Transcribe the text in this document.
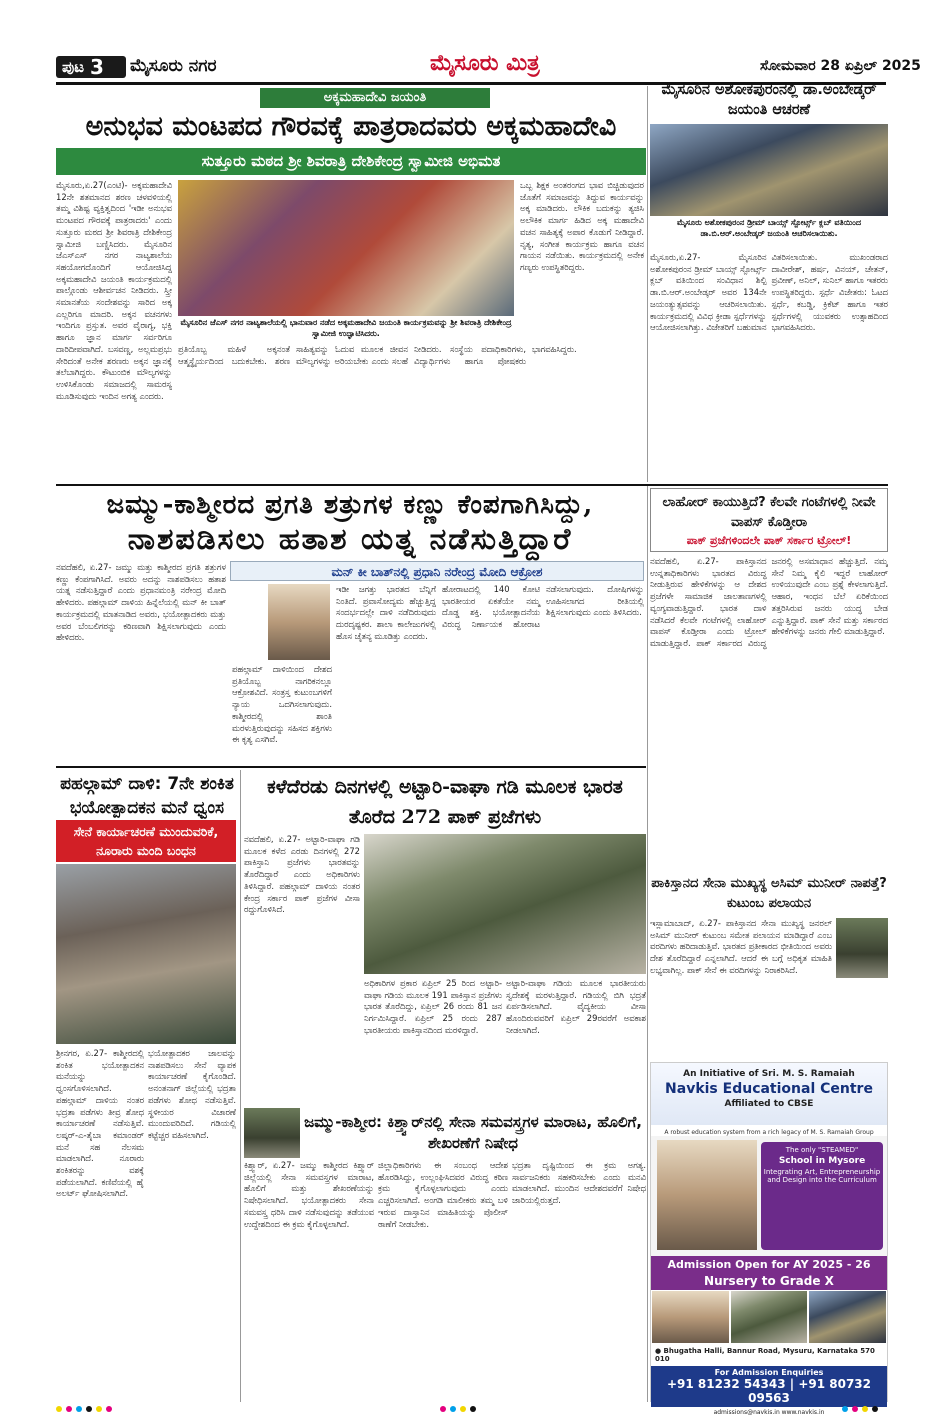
ಪುಟ 3 ಮೈಸೂರು ನಗರ	ಮೈಸೂರು ಮಿತ್ರ	ಸೋಮವಾರ 28 ಏಪ್ರಿಲ್ 2025
ಅಕ್ಕಮಹಾದೇವಿ ಜಯಂತಿ
ಅನುಭವ ಮಂಟಪದ ಗೌರವಕ್ಕೆ ಪಾತ್ರರಾದವರು ಅಕ್ಕಮಹಾದೇವಿ
ಸುತ್ತೂರು ಮಠದ ಶ್ರೀ ಶಿವರಾತ್ರಿ ದೇಶಿಕೇಂದ್ರ ಸ್ವಾಮೀಜಿ ಅಭಿಮತ
ಮೈಸೂರು,ಏ.27(ಎಂಟಿ)- ಅಕ್ಕಮಹಾದೇವಿ 12ನೇ ಶತಮಾನದ ಶರಣ ಚಳವಳಿಯಲ್ಲಿ ತಮ್ಮ ವಿಶಿಷ್ಟ ವ್ಯಕ್ತಿತ್ವದಿಂದ 'ಇಡೀ ಅನುಭವ ಮಂಟಪದ ಗೌರವಕ್ಕೆ ಪಾತ್ರರಾದರು' ಎಂದು ಸುತ್ತೂರು ಮಠದ ಶ್ರೀ ಶಿವರಾತ್ರಿ ದೇಶಿಕೇಂದ್ರ ಸ್ವಾಮೀಜಿ ಬಣ್ಣಿಸಿದರು. ಮೈಸೂರಿನ ಜೆಎಸ್‌ಎಸ್ ನಗರ ನಾಟ್ಯಶಾಲೆಯ ಸಹಯೋಗದೊಂದಿಗೆ ಆಯೋಜಿಸಿದ್ದ ಅಕ್ಕಮಹಾದೇವಿ ಜಯಂತಿ ಕಾರ್ಯಕ್ರಮದಲ್ಲಿ ಪಾಲ್ಗೊಂಡು ಆಶೀರ್ವಚನ ನೀಡಿದರು. ಸ್ತ್ರೀ ಸಮಾನತೆಯ ಸಂದೇಶವನ್ನು ಸಾರಿದ ಅಕ್ಕ ಎಲ್ಲರಿಗೂ ಮಾದರಿ. ಅಕ್ಕನ ವಚನಗಳು ಇಂದಿಗೂ ಪ್ರಸ್ತುತ. ಅವರ ವೈರಾಗ್ಯ, ಭಕ್ತಿ ಹಾಗೂ ಜ್ಞಾನ ಮಾರ್ಗ ಸರ್ವರಿಗೂ ದಾರಿದೀಪವಾಗಿದೆ. ಬಸವಣ್ಣ, ಅಲ್ಲಮಪ್ರಭು ಸೇರಿದಂತೆ ಅನೇಕ ಶರಣರು ಅಕ್ಕನ ಜ್ಞಾನಕ್ಕೆ ತಲೆಬಾಗಿದ್ದರು. ಕೌಟುಂಬಿಕ ಮೌಲ್ಯಗಳನ್ನು ಉಳಿಸಿಕೊಂಡು ಸಮಾಜದಲ್ಲಿ ಸಾಮರಸ್ಯ ಮೂಡಿಸುವುದು ಇಂದಿನ ಅಗತ್ಯ ಎಂದರು.
ಮೈಸೂರಿನ ಜೆಎಸ್ ನಗರ ನಾಟ್ಯಶಾಲೆಯಲ್ಲಿ ಭಾನುವಾರ ನಡೆದ ಅಕ್ಕಮಹಾದೇವಿ ಜಯಂತಿ ಕಾರ್ಯಕ್ರಮವನ್ನು ಶ್ರೀ ಶಿವರಾತ್ರಿ ದೇಶಿಕೇಂದ್ರ ಸ್ವಾಮೀಜಿ ಉದ್ಘಾಟಿಸಿದರು.
ಒಬ್ಬ ಶಿಕ್ಷಕ ಅಂತರಂಗದ ಭಾವ ಬಿಚ್ಚಿಡುವುದರ ಜೊತೆಗೆ ಸಮಾಜವನ್ನು ತಿದ್ದುವ ಕಾರ್ಯವನ್ನು ಅಕ್ಕ ಮಾಡಿದರು. ಲೌಕಿಕ ಬದುಕನ್ನು ತ್ಯಜಿಸಿ ಅಲೌಕಿಕ ಮಾರ್ಗ ಹಿಡಿದ ಅಕ್ಕ ಮಹಾದೇವಿ ವಚನ ಸಾಹಿತ್ಯಕ್ಕೆ ಅಪಾರ ಕೊಡುಗೆ ನೀಡಿದ್ದಾರೆ. ನೃತ್ಯ, ಸಂಗೀತ ಕಾರ್ಯಕ್ರಮ ಹಾಗೂ ವಚನ ಗಾಯನ ನಡೆಯಿತು. ಕಾರ್ಯಕ್ರಮದಲ್ಲಿ ಅನೇಕ ಗಣ್ಯರು ಉಪಸ್ಥಿತರಿದ್ದರು.
ಪ್ರತಿಯೊಬ್ಬ ಮಹಿಳೆ ಅಕ್ಕನಂತೆ ಆತ್ಮಸ್ಥೈರ್ಯದಿಂದ ಬದುಕಬೇಕು. ಶರಣ ಸಾಹಿತ್ಯವನ್ನು ಓದುವ ಮೂಲಕ ಜೀವನ ಮೌಲ್ಯಗಳನ್ನು ಅರಿಯಬೇಕು ಎಂದು ಸಲಹೆ ನೀಡಿದರು. ಸಂಸ್ಥೆಯ ಪದಾಧಿಕಾರಿಗಳು, ವಿದ್ಯಾರ್ಥಿಗಳು ಹಾಗೂ ಪೋಷಕರು ಭಾಗವಹಿಸಿದ್ದರು.
ಮೈಸೂರಿನ ಅಶೋಕಪುರಂನಲ್ಲಿ ಡಾ.ಅಂಬೇಡ್ಕರ್ ಜಯಂತಿ ಆಚರಣೆ
ಮೈಸೂರು ಅಶೋಕಪುರಂನ ಡ್ರೀಮ್ ಬಾಯ್ಸ್ ಸ್ಪೋರ್ಟ್ಸ್ ಕ್ಲಬ್ ವತಿಯಿಂದ ಡಾ.ಬಿ.ಆರ್.ಅಂಬೇಡ್ಕರ್ ಜಯಂತಿ ಆಚರಿಸಲಾಯಿತು.
ಮೈಸೂರು,ಏ.27- ಮೈಸೂರಿನ ಅಶೋಕಪುರಂನ ಡ್ರೀಮ್ ಬಾಯ್ಸ್ ಸ್ಪೋರ್ಟ್ಸ್ ಕ್ಲಬ್ ವತಿಯಿಂದ ಸಂವಿಧಾನ ಶಿಲ್ಪಿ ಡಾ.ಬಿ.ಆರ್.ಅಂಬೇಡ್ಕರ್ ಅವರ 134ನೇ ಜಯಂತ್ಯುತ್ಸವವನ್ನು ಆಚರಿಸಲಾಯಿತು. ಕಾರ್ಯಕ್ರಮದಲ್ಲಿ ವಿವಿಧ ಕ್ರೀಡಾ ಸ್ಪರ್ಧೆಗಳನ್ನು ಆಯೋಜಿಸಲಾಗಿತ್ತು. ವಿಜೇತರಿಗೆ ಬಹುಮಾನ ವಿತರಿಸಲಾಯಿತು. ಮುಖಂಡರಾದ ದಾವೀರೇಶ್, ಹರ್ಷ, ವಿನಯ್, ಚೇತನ್, ಪ್ರವೀಣ್, ಅನಿಲ್, ಸುನಿಲ್ ಹಾಗೂ ಇತರರು ಉಪಸ್ಥಿತರಿದ್ದರು. ಸ್ಪರ್ಧೆ ವಿಜೇತರು: ಓಟದ ಸ್ಪರ್ಧೆ, ಕಬಡ್ಡಿ, ಕ್ರಿಕೆಟ್ ಹಾಗೂ ಇತರ ಸ್ಪರ್ಧೆಗಳಲ್ಲಿ ಯುವಕರು ಉತ್ಸಾಹದಿಂದ ಭಾಗವಹಿಸಿದರು.
ಜಮ್ಮು-ಕಾಶ್ಮೀರದ ಪ್ರಗತಿ ಶತ್ರುಗಳ ಕಣ್ಣು ಕೆಂಪಗಾಗಿಸಿದ್ದು,
ನಾಶಪಡಿಸಲು ಹತಾಶ ಯತ್ನ ನಡೆಸುತ್ತಿದ್ದಾರೆ
ಮನ್ ಕೀ ಬಾತ್‌ನಲ್ಲಿ ಪ್ರಧಾನಿ ನರೇಂದ್ರ ಮೋದಿ ಆಕ್ರೋಶ
ನವದೆಹಲಿ, ಏ.27- ಜಮ್ಮು ಮತ್ತು ಕಾಶ್ಮೀರದ ಪ್ರಗತಿ ಶತ್ರುಗಳ ಕಣ್ಣು ಕೆಂಪಗಾಗಿಸಿದೆ. ಅವರು ಅದನ್ನು ನಾಶಪಡಿಸಲು ಹತಾಶ ಯತ್ನ ನಡೆಸುತ್ತಿದ್ದಾರೆ ಎಂದು ಪ್ರಧಾನಮಂತ್ರಿ ನರೇಂದ್ರ ಮೋದಿ ಹೇಳಿದರು. ಪಹಲ್ಗಾಮ್ ದಾಳಿಯ ಹಿನ್ನೆಲೆಯಲ್ಲಿ ಮನ್ ಕೀ ಬಾತ್ ಕಾರ್ಯಕ್ರಮದಲ್ಲಿ ಮಾತನಾಡಿದ ಅವರು, ಭಯೋತ್ಪಾದಕರು ಮತ್ತು ಅವರ ಬೆಂಬಲಿಗರನ್ನು ಕಠಿಣವಾಗಿ ಶಿಕ್ಷಿಸಲಾಗುವುದು ಎಂದು ಹೇಳಿದರು.
ಪಹಲ್ಗಾಮ್ ದಾಳಿಯಿಂದ ದೇಶದ ಪ್ರತಿಯೊಬ್ಬ ನಾಗರಿಕನಲ್ಲೂ ಆಕ್ರೋಶವಿದೆ. ಸಂತ್ರಸ್ತ ಕುಟುಂಬಗಳಿಗೆ ನ್ಯಾಯ ಒದಗಿಸಲಾಗುವುದು. ಕಾಶ್ಮೀರದಲ್ಲಿ ಶಾಂತಿ ಮರಳುತ್ತಿರುವುದನ್ನು ಸಹಿಸದ ಶಕ್ತಿಗಳು ಈ ಕೃತ್ಯ ಎಸಗಿವೆ.
ಇಡೀ ಜಗತ್ತು ಭಾರತದ ಬೆನ್ನಿಗೆ ನಿಂತಿದೆ. ಪ್ರವಾಸೋದ್ಯಮ ಹೆಚ್ಚುತ್ತಿದ್ದ ಸಂದರ್ಭದಲ್ಲೇ ದಾಳಿ ನಡೆದಿರುವುದು ದುರದೃಷ್ಟಕರ. ಶಾಲಾ ಕಾಲೇಜುಗಳಲ್ಲಿ ಹೊಸ ಚೈತನ್ಯ ಮೂಡಿತ್ತು ಎಂದರು.
ಹೋರಾಟದಲ್ಲಿ 140 ಕೋಟಿ ಭಾರತೀಯರ ಏಕತೆಯೇ ನಮ್ಮ ದೊಡ್ಡ ಶಕ್ತಿ. ಭಯೋತ್ಪಾದನೆಯ ವಿರುದ್ಧ ನಿರ್ಣಾಯಕ ಹೋರಾಟ ನಡೆಸಲಾಗುವುದು. ದೋಷಿಗಳನ್ನು ಊಹಿಸಲಾಗದ ರೀತಿಯಲ್ಲಿ ಶಿಕ್ಷಿಸಲಾಗುವುದು ಎಂದು ತಿಳಿಸಿದರು.
ಲಾಹೋರ್ ಕಾಯುತ್ತಿದೆ? ಕೆಲವೇ ಗಂಟೆಗಳಲ್ಲಿ ನೀವೇ ವಾಪಸ್ ಕೊಡ್ತೀರಾ
ಪಾಕ್ ಪ್ರಜೆಗಳಿಂದಲೇ ಪಾಕ್ ಸರ್ಕಾರ ಟ್ರೋಲ್!
ನವದೆಹಲಿ, ಏ.27- ಪಾಕಿಸ್ತಾನದ ಉನ್ನತಾಧಿಕಾರಿಗಳು ಭಾರತದ ವಿರುದ್ಧ ನೀಡುತ್ತಿರುವ ಹೇಳಿಕೆಗಳನ್ನು ಆ ದೇಶದ ಪ್ರಜೆಗಳೇ ಸಾಮಾಜಿಕ ಜಾಲತಾಣಗಳಲ್ಲಿ ವ್ಯಂಗ್ಯವಾಡುತ್ತಿದ್ದಾರೆ. ಭಾರತ ದಾಳಿ ನಡೆಸಿದರೆ ಕೆಲವೇ ಗಂಟೆಗಳಲ್ಲಿ ಲಾಹೋರ್ ವಾಪಸ್ ಕೊಡ್ತೀರಾ ಎಂದು ಟ್ರೋಲ್ ಮಾಡುತ್ತಿದ್ದಾರೆ. ಪಾಕ್ ಸರ್ಕಾರದ ವಿರುದ್ಧ ಜನರಲ್ಲಿ ಅಸಮಾಧಾನ ಹೆಚ್ಚುತ್ತಿದೆ. ನಮ್ಮ ಸೇನೆ ನಿಮ್ಮ ಕೈಲಿ ಇದ್ದರೆ ಲಾಹೋರ್ ಉಳಿಯುವುದೇ ಎಂಬ ಪ್ರಶ್ನೆ ಕೇಳಲಾಗುತ್ತಿದೆ. ಆಹಾರ, ಇಂಧನ ಬೆಲೆ ಏರಿಕೆಯಿಂದ ತತ್ತರಿಸಿರುವ ಜನರು ಯುದ್ಧ ಬೇಡ ಎನ್ನುತ್ತಿದ್ದಾರೆ. ಪಾಕ್ ಸೇನೆ ಮತ್ತು ಸರ್ಕಾರದ ಹೇಳಿಕೆಗಳನ್ನು ಜನರು ಗೇಲಿ ಮಾಡುತ್ತಿದ್ದಾರೆ.
ಪಹಲ್ಗಾಮ್ ದಾಳಿ: 7ನೇ ಶಂಕಿತ ಭಯೋತ್ಪಾದಕನ ಮನೆ ಧ್ವಂಸ
ಸೇನೆ ಕಾರ್ಯಾಚರಣೆ ಮುಂದುವರಿಕೆ, ನೂರಾರು ಮಂದಿ ಬಂಧನ
ಶ್ರೀನಗರ, ಏ.27- ಕಾಶ್ಮೀರದಲ್ಲಿ ಶಂಕಿತ ಭಯೋತ್ಪಾದಕನ ಮನೆಯನ್ನು ಧ್ವಂಸಗೊಳಿಸಲಾಗಿದೆ. ಪಹಲ್ಗಾಮ್ ದಾಳಿಯ ನಂತರ ಭದ್ರತಾ ಪಡೆಗಳು ತೀವ್ರ ಶೋಧ ಕಾರ್ಯಾಚರಣೆ ನಡೆಸುತ್ತಿವೆ. ಲಷ್ಕರ್-ಎ-ತೈಬಾ ಕಮಾಂಡರ್ ಮನೆ ಸಹ ನೆಲಸಮ ಮಾಡಲಾಗಿದೆ. ನೂರಾರು ಶಂಕಿತರನ್ನು ವಶಕ್ಕೆ ಪಡೆಯಲಾಗಿದೆ. ಕಣಿವೆಯಲ್ಲಿ ಹೈ ಅಲರ್ಟ್ ಘೋಷಿಸಲಾಗಿದೆ.
ಭಯೋತ್ಪಾದಕರ ಜಾಲವನ್ನು ನಾಶಪಡಿಸಲು ಸೇನೆ ವ್ಯಾಪಕ ಕಾರ್ಯಾಚರಣೆ ಕೈಗೊಂಡಿದೆ. ಅನಂತನಾಗ್ ಜಿಲ್ಲೆಯಲ್ಲಿ ಭದ್ರತಾ ಪಡೆಗಳು ಶೋಧ ನಡೆಸುತ್ತಿವೆ. ಸ್ಥಳೀಯರ ವಿಚಾರಣೆ ಮುಂದುವರಿದಿದೆ. ಗಡಿಯಲ್ಲಿ ಕಟ್ಟೆಚ್ಚರ ವಹಿಸಲಾಗಿದೆ.
ಕಳೆದೆರಡು ದಿನಗಳಲ್ಲಿ ಅಟ್ಟಾರಿ-ವಾಘಾ ಗಡಿ ಮೂಲಕ ಭಾರತ ತೊರೆದ 272 ಪಾಕ್ ಪ್ರಜೆಗಳು
ನವದೆಹಲಿ, ಏ.27- ಅಟ್ಟಾರಿ-ವಾಘಾ ಗಡಿ ಮೂಲಕ ಕಳೆದ ಎರಡು ದಿನಗಳಲ್ಲಿ 272 ಪಾಕಿಸ್ತಾನಿ ಪ್ರಜೆಗಳು ಭಾರತವನ್ನು ತೊರೆದಿದ್ದಾರೆ ಎಂದು ಅಧಿಕಾರಿಗಳು ತಿಳಿಸಿದ್ದಾರೆ. ಪಹಲ್ಗಾಮ್ ದಾಳಿಯ ನಂತರ ಕೇಂದ್ರ ಸರ್ಕಾರ ಪಾಕ್ ಪ್ರಜೆಗಳ ವೀಸಾ ರದ್ದುಗೊಳಿಸಿದೆ.
ಅಧಿಕಾರಿಗಳ ಪ್ರಕಾರ ಏಪ್ರಿಲ್ 25 ರಿಂದ ಅಟ್ಟಾರಿ-ವಾಘಾ ಗಡಿಯ ಮೂಲಕ 191 ಪಾಕಿಸ್ತಾನ ಪ್ರಜೆಗಳು ಭಾರತ ತೊರೆದಿದ್ದು, ಏಪ್ರಿಲ್ 26 ರಂದು 81 ಜನ ನಿರ್ಗಮಿಸಿದ್ದಾರೆ. ಏಪ್ರಿಲ್ 25 ರಂದು 287 ಭಾರತೀಯರು ಪಾಕಿಸ್ತಾನದಿಂದ ಮರಳಿದ್ದಾರೆ.
ಅಟ್ಟಾರಿ-ವಾಘಾ ಗಡಿಯ ಮೂಲಕ ಭಾರತೀಯರು ಸ್ವದೇಶಕ್ಕೆ ಮರಳುತ್ತಿದ್ದಾರೆ. ಗಡಿಯಲ್ಲಿ ಬಿಗಿ ಭದ್ರತೆ ಏರ್ಪಡಿಸಲಾಗಿದೆ. ವೈದ್ಯಕೀಯ ವೀಸಾ ಹೊಂದಿರುವವರಿಗೆ ಏಪ್ರಿಲ್ 29ರವರೆಗೆ ಅವಕಾಶ ನೀಡಲಾಗಿದೆ.
ಜಮ್ಮು-ಕಾಶ್ಮೀರ: ಕಿಶ್ತ್ವಾರ್‌ನಲ್ಲಿ ಸೇನಾ ಸಮವಸ್ತ್ರಗಳ ಮಾರಾಟ, ಹೊಲಿಗೆ, ಶೇಖರಣೆಗೆ ನಿಷೇಧ
ಕಿಶ್ತ್ವಾರ್, ಏ.27- ಜಮ್ಮು ಕಾಶ್ಮೀರದ ಕಿಶ್ತ್ವಾರ್ ಜಿಲ್ಲೆಯಲ್ಲಿ ಸೇನಾ ಸಮವಸ್ತ್ರಗಳ ಮಾರಾಟ, ಹೊಲಿಗೆ ಮತ್ತು ಶೇಖರಣೆಯನ್ನು ನಿಷೇಧಿಸಲಾಗಿದೆ. ಭಯೋತ್ಪಾದಕರು ಸೇನಾ ಸಮವಸ್ತ್ರ ಧರಿಸಿ ದಾಳಿ ನಡೆಸುವುದನ್ನು ತಡೆಯುವ ಉದ್ದೇಶದಿಂದ ಈ ಕ್ರಮ ಕೈಗೊಳ್ಳಲಾಗಿದೆ.
ಜಿಲ್ಲಾಧಿಕಾರಿಗಳು ಈ ಸಂಬಂಧ ಆದೇಶ ಹೊರಡಿಸಿದ್ದು, ಉಲ್ಲಂಘಿಸಿದವರ ವಿರುದ್ಧ ಕಠಿಣ ಕ್ರಮ ಕೈಗೊಳ್ಳಲಾಗುವುದು ಎಂದು ಎಚ್ಚರಿಸಲಾಗಿದೆ. ಅಂಗಡಿ ಮಾಲೀಕರು ತಮ್ಮ ಬಳಿ ಇರುವ ದಾಸ್ತಾನಿನ ಮಾಹಿತಿಯನ್ನು ಪೊಲೀಸ್ ಠಾಣೆಗೆ ನೀಡಬೇಕು.
ಭದ್ರತಾ ದೃಷ್ಟಿಯಿಂದ ಈ ಕ್ರಮ ಅಗತ್ಯ. ಸಾರ್ವಜನಿಕರು ಸಹಕರಿಸಬೇಕು ಎಂದು ಮನವಿ ಮಾಡಲಾಗಿದೆ. ಮುಂದಿನ ಆದೇಶದವರೆಗೆ ನಿಷೇಧ ಜಾರಿಯಲ್ಲಿರುತ್ತದೆ.
ಪಾಕಿಸ್ತಾನದ ಸೇನಾ ಮುಖ್ಯಸ್ಥ ಅಸಿಮ್ ಮುನೀರ್ ನಾಪತ್ತೆ? ಕುಟುಂಬ ಪಲಾಯನ
ಇಸ್ಲಾಮಾಬಾದ್, ಏ.27- ಪಾಕಿಸ್ತಾನದ ಸೇನಾ ಮುಖ್ಯಸ್ಥ ಜನರಲ್ ಅಸಿಮ್ ಮುನೀರ್ ಕುಟುಂಬ ಸಮೇತ ಪಲಾಯನ ಮಾಡಿದ್ದಾರೆ ಎಂಬ ವರದಿಗಳು ಹರಿದಾಡುತ್ತಿವೆ. ಭಾರತದ ಪ್ರತೀಕಾರದ ಭೀತಿಯಿಂದ ಅವರು ದೇಶ ತೊರೆದಿದ್ದಾರೆ ಎನ್ನಲಾಗಿದೆ. ಆದರೆ ಈ ಬಗ್ಗೆ ಅಧಿಕೃತ ಮಾಹಿತಿ ಲಭ್ಯವಾಗಿಲ್ಲ. ಪಾಕ್ ಸೇನೆ ಈ ವರದಿಗಳನ್ನು ನಿರಾಕರಿಸಿದೆ.
An Initiative of Sri. M. S. Ramaiah
Navkis Educational Centre
Affiliated to CBSE
A robust education system from a rich legacy of M. S. Ramaiah Group
The only "STEAMED"
School in Mysore
Integrating Art, Entrepreneurship and Design into the Curriculum
Admission Open for AY 2025 - 26
Nursery to Grade X
● Bhugatha Halli, Bannur Road, Mysuru, Karnataka 570 010
For Admission Enquiries
+91 81232 54343 | +91 80732 09563
admissions@navkis.in www.navkis.in
